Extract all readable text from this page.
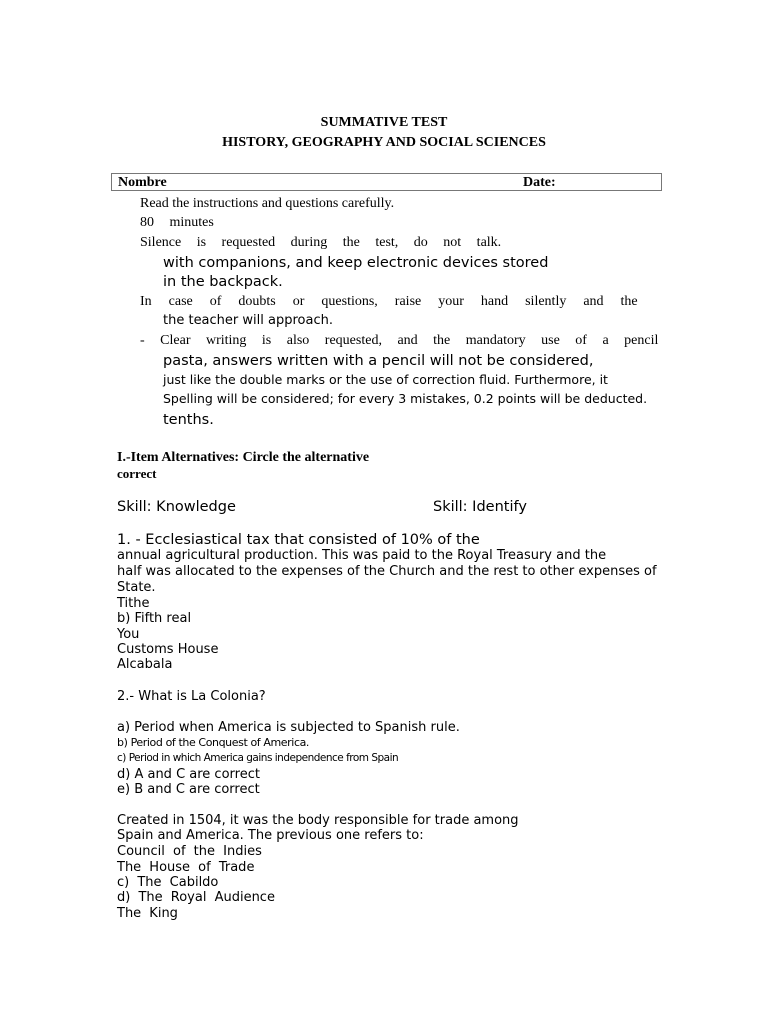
SUMMATIVE TEST
HISTORY, GEOGRAPHY AND SOCIAL SCIENCES
Nombre	Date:
Read the instructions and questions carefully.
80 minutes
Silence is requested during the test, do not talk.
with companions, and keep electronic devices stored
in the backpack.
In case of doubts or questions, raise your hand silently and the
the teacher will approach.
- Clear writing is also requested, and the mandatory use of a pencil
pasta, answers written with a pencil will not be considered,
just like the double marks or the use of correction fluid. Furthermore, it
Spelling will be considered; for every 3 mistakes, 0.2 points will be deducted.
tenths.
I.-Item Alternatives: Circle the alternative
correct
Skill: Knowledge	Skill: Identify
1. - Ecclesiastical tax that consisted of 10% of the
annual agricultural production. This was paid to the Royal Treasury and the
half was allocated to the expenses of the Church and the rest to other expenses of
State.
Tithe
b) Fifth real
You
Customs House
Alcabala
2.- What is La Colonia?
a) Period when America is subjected to Spanish rule.
b) Period of the Conquest of America.
c) Period in which America gains independence from Spain
d) A and C are correct
e) B and C are correct
Created in 1504, it was the body responsible for trade among
Spain and America. The previous one refers to:
Council of the Indies
The House of Trade
c) The Cabildo
d) The Royal Audience
The King
